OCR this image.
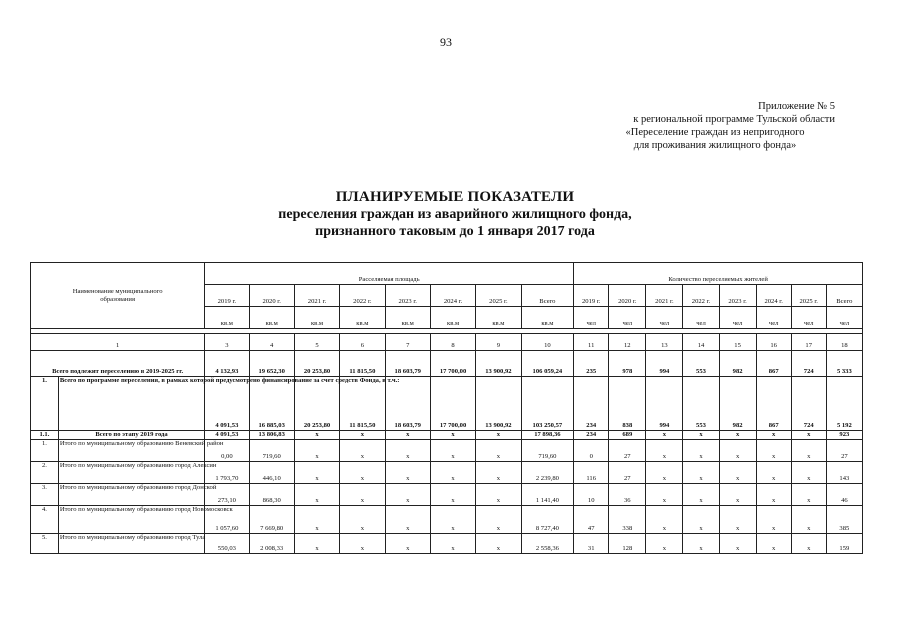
93
Приложение № 5
к региональной программе Тульской области
«Переселение граждан из непригодного
для проживания жилищного фонда»
ПЛАНИРУЕМЫЕ ПОКАЗАТЕЛИ
переселения граждан из аварийного жилищного фонда,
признанного таковым до 1 января 2017 года
Наименование муниципального образования		Расселяемая площадь								Количество переселяемых жителей							
		2019 г.	2020 г.	2021 г.	2022 г.	2023 г.	2024 г.	2025 г.	Всего	2019 г.	2020 г.	2021 г.	2022 г.	2023 г.	2024 г.	2025 г.	Всего
		кв.м	кв.м	кв.м	кв.м	кв.м	кв.м	кв.м	кв.м	чел	чел	чел	чел	чел	чел	чел	чел

1		3	4	5	6	7	8	9	10	11	12	13	14	15	16	17	18
Всего подлежит переселению в 2019-2025 гг.		4 132,93	19 652,30	20 253,80	11 815,50	18 603,79	17 700,00	13 900,92	106 059,24	235	978	994	553	982	867	724	5 333
1.	Всего по программе переселения, в рамках которой предусмотрено финансирование за счет средств Фонда, в т.ч.:	4 091,53	16 885,03	20 253,80	11 815,50	18 603,79	17 700,00	13 900,92	103 250,57	234	838	994	553	982	867	724	5 192
1.1.	Всего по этапу 2019 года	4 091,53	13 806,83	x	x	x	x	x	17 898,36	234	689	x	x	x	x	x	923
1.	Итого по муниципальному образованию Веневский район	0,00	719,60	x	x	x	x	x	719,60	0	27	x	x	x	x	x	27
2.	Итого по муниципальному образованию город Алексин	1 793,70	446,10	x	x	x	x	x	2 239,80	116	27	x	x	x	x	x	143
3.	Итого по муниципальному образованию город Донской	273,10	868,30	x	x	x	x	x	1 141,40	10	36	x	x	x	x	x	46
4.	Итого по муниципальному образованию город Новомосковск	1 057,60	7 669,80	x	x	x	x	x	8 727,40	47	338	x	x	x	x	x	385
5.	Итого по муниципальному образованию город Тула	550,03	2 008,33	x	x	x	x	x	2 558,36	31	128	x	x	x	x	x	159
